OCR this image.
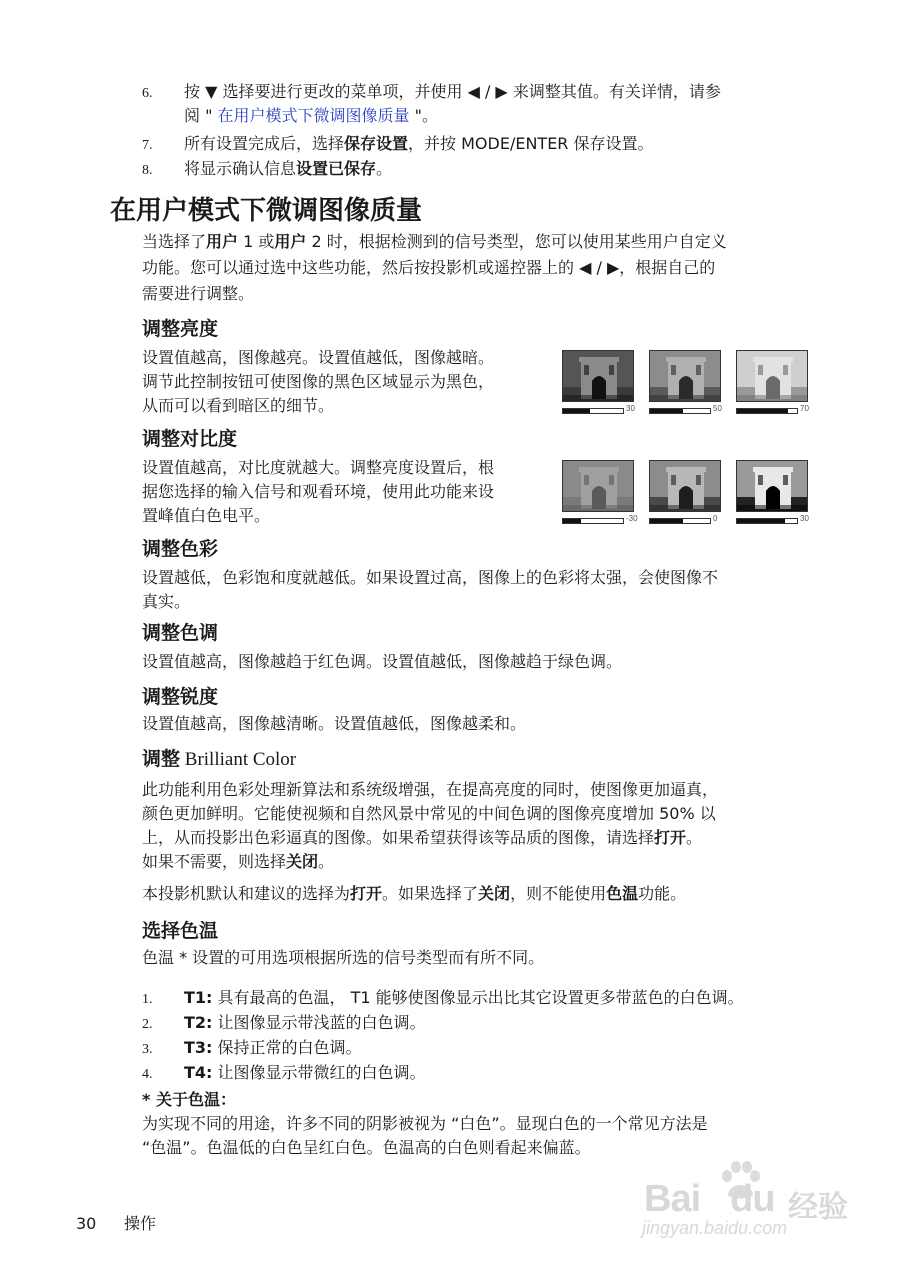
6. 按 ▼ 选择要进行更改的菜单项，并使用 ◀ / ▶ 来调整其值。有关详情，请参
阅 " 在用户模式下微调图像质量 "。
7. 所有设置完成后，选择保存设置，并按 MODE/ENTER 保存设置。
8. 将显示确认信息设置已保存。
在用户模式下微调图像质量
当选择了用户 1 或用户 2 时，根据检测到的信号类型，您可以使用某些用户自定义
功能。您可以通过选中这些功能，然后按投影机或遥控器上的 ◀ / ▶，根据自己的
需要进行调整。
调整亮度
设置值越高，图像越亮。设置值越低，图像越暗。
调节此控制按钮可使图像的黑色区域显示为黑色，
从而可以看到暗区的细节。	30	50	70
调整对比度
设置值越高，对比度就越大。调整亮度设置后，根
据您选择的输入信号和观看环境，使用此功能来设
置峰值白色电平。	-30	0	30
调整色彩
设置越低，色彩饱和度就越低。如果设置过高，图像上的色彩将太强，会使图像不
真实。
调整色调
设置值越高，图像越趋于红色调。设置值越低，图像越趋于绿色调。
调整锐度
设置值越高，图像越清晰。设置值越低，图像越柔和。
调整 Brilliant Color
此功能利用色彩处理新算法和系统级增强，在提高亮度的同时，使图像更加逼真，
颜色更加鲜明。它能使视频和自然风景中常见的中间色调的图像亮度增加 50% 以
上，从而投影出色彩逼真的图像。如果希望获得该等品质的图像，请选择打开。
如果不需要，则选择关闭。
本投影机默认和建议的选择为打开。如果选择了关闭，则不能使用色温功能。
选择色温
色温 * 设置的可用选项根据所选的信号类型而有所不同。
1. T1: 具有最高的色温， T1 能够使图像显示出比其它设置更多带蓝色的白色调。
2. T2: 让图像显示带浅蓝的白色调。
3. T3: 保持正常的白色调。
4. T4: 让图像显示带微红的白色调。
* 关于色温：
为实现不同的用途，许多不同的阴影被视为 “白色”。显现白色的一个常见方法是
“色温”。色温低的白色呈红白色。色温高的白色则看起来偏蓝。
30 操作
Bai du 经验
jingyan.baidu.com
